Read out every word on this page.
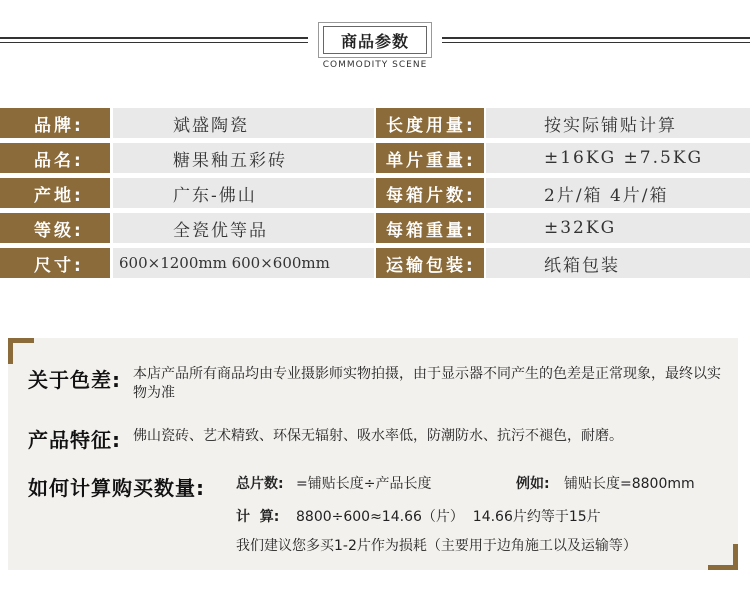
商品参数
COMMODITY SCENE
品牌:	斌盛陶瓷	长度用量:	按实际铺贴计算
品名:	糖果釉五彩砖	单片重量:	±16KG ±7.5KG
产地:	广东-佛山	每箱片数:	2片/箱 4片/箱
等级:	全瓷优等品	每箱重量:	±32KG
尺寸:	600×1200mm 600×600mm	运输包装:	纸箱包装
关于色差: 本店产品所有商品均由专业摄影师实物拍摄，由于显示器不同产生的色差是正常现象，最终以实物为准
产品特征: 佛山瓷砖、艺术精致、环保无辐射、吸水率低，防潮防水、抗污不褪色，耐磨。
如何计算购买数量: 总片数: =铺贴长度÷产品长度	例如: 铺贴长度=8800mm
计  算: 8800÷600≈14.66（片）  14.66片约等于15片
我们建议您多买1-2片作为损耗（主要用于边角施工以及运输等）
